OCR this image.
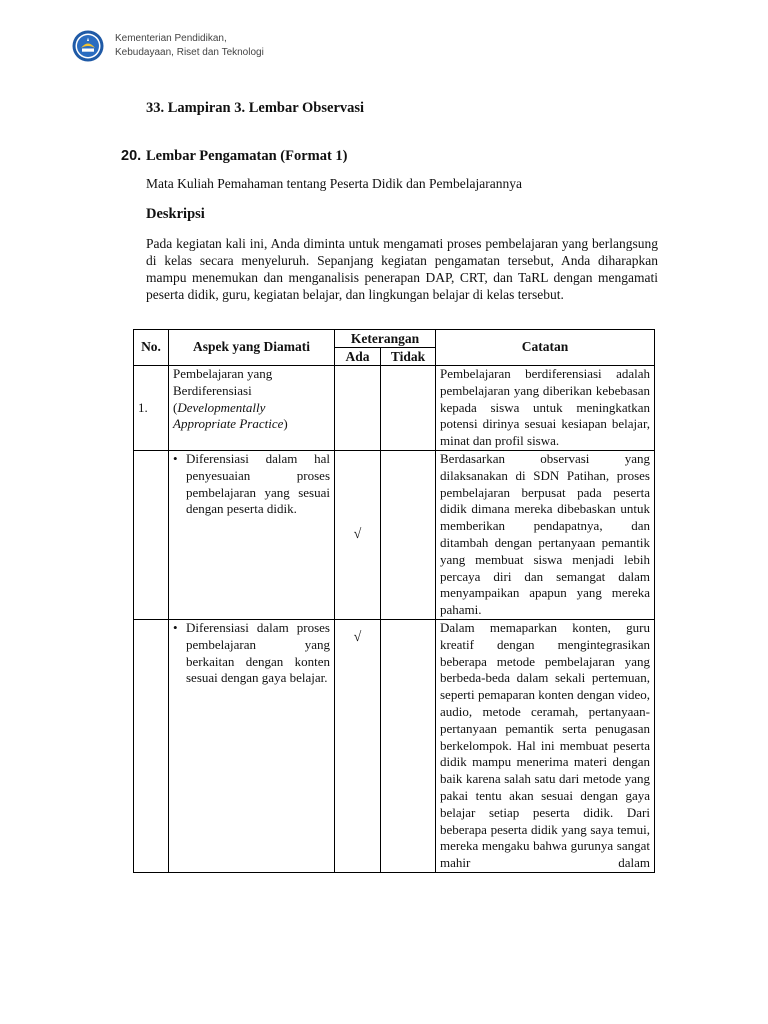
Kementerian Pendidikan,
Kebudayaan, Riset dan Teknologi
33. Lampiran 3. Lembar Observasi
20. Lembar Pengamatan (Format 1)
Mata Kuliah Pemahaman tentang Peserta Didik dan Pembelajarannya
Deskripsi
Pada kegiatan kali ini, Anda diminta untuk mengamati proses pembelajaran yang berlangsung di kelas secara menyeluruh. Sepanjang kegiatan pengamatan tersebut, Anda diharapkan mampu menemukan dan menganalisis penerapan DAP, CRT, dan TaRL dengan mengamati peserta didik, guru, kegiatan belajar, dan lingkungan belajar di kelas tersebut.
No.	Aspek yang Diamati	Keterangan		Catatan
		Ada	Tidak	
1.	Pembelajaran yang
Berdiferensiasi
(Developmentally Appropriate Practice)			Pembelajaran berdiferensiasi adalah pembelajaran yang diberikan kebebasan kepada siswa untuk meningkatkan potensi dirinya sesuai kesiapan belajar, minat dan profil siswa.

	• Diferensiasi dalam hal penyesuaian proses pembelajaran yang sesuai dengan peserta didik.	√		Berdasarkan observasi yang dilaksanakan di SDN Patihan, proses pembelajaran berpusat pada peserta didik dimana mereka dibebaskan untuk memberikan pendapatnya, dan ditambah dengan pertanyaan pemantik yang membuat siswa menjadi lebih percaya diri dan semangat dalam menyampaikan apapun yang mereka pahami.

	• Diferensiasi dalam proses pembelajaran yang berkaitan dengan konten sesuai dengan gaya belajar.	√		Dalam memaparkan konten, guru kreatif dengan mengintegrasikan beberapa metode pembelajaran yang berbeda-beda dalam sekali pertemuan, seperti pemaparan konten dengan video, audio, metode ceramah, pertanyaan-pertanyaan pemantik serta penugasan berkelompok. Hal ini membuat peserta didik mampu menerima materi dengan baik karena salah satu dari metode yang pakai tentu akan sesuai dengan gaya belajar setiap peserta didik. Dari beberapa peserta didik yang saya temui, mereka mengaku bahwa gurunya sangat mahir dalam
